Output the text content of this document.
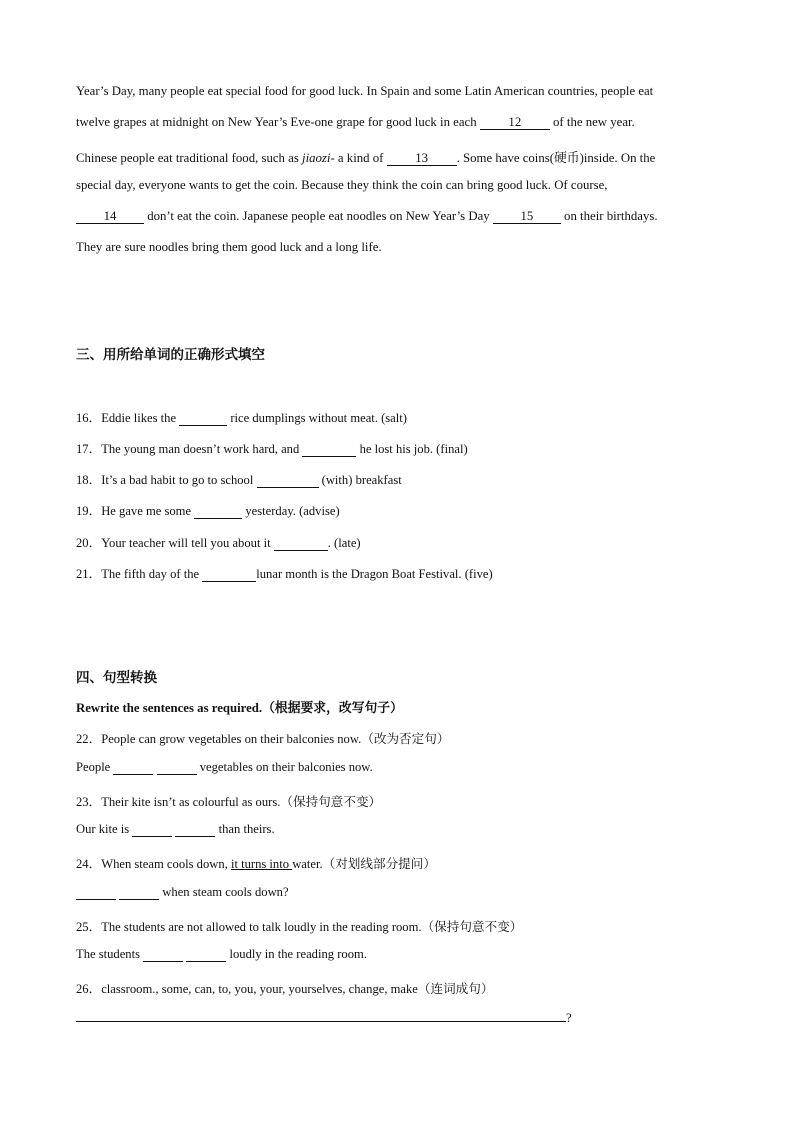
Year’s Day, many people eat special food for good luck. In Spain and some Latin American countries, people eat
twelve grapes at midnight on New Year’s Eve-one grape for good luck in each 12 of the new year.
Chinese people eat traditional food, such as jiaozi- a kind of 13 . Some have coins(硬币)inside. On the
special day, everyone wants to get the coin. Because they think the coin can bring good luck. Of course,
14 don’t eat the coin. Japanese people eat noodles on New Year’s Day 15 on their birthdays.
They are sure noodles bring them good luck and a long life.
三、用所给单词的正确形式填空
16．Eddie likes the	rice dumplings without meat. (salt)
17．The young man doesn’t work hard, and	he lost his job. (final)
18．It’s a bad habit to go to school	(with) breakfast
19．He gave me some	yesterday. (advise)
20．Your teacher will tell you about it	. (late)
21．The fifth day of the	lunar month is the Dragon Boat Festival. (five)
四、句型转换
Rewrite the sentences as required.（根据要求，改写句子）
22．People can grow vegetables on their balconies now.（改为否定句）
People	vegetables on their balconies now.
23．Their kite isn’t as colourful as ours.（保持句意不变）
Our kite is	than theirs.
24．When steam cools down, it turns into water.（对划线部分提问）
when steam cools down?
25．The students are not allowed to talk loudly in the reading room.（保持句意不变）
The students	loudly in the reading room.
26．classroom., some, can, to, you, your, yourselves, change, make（连词成句）
?
